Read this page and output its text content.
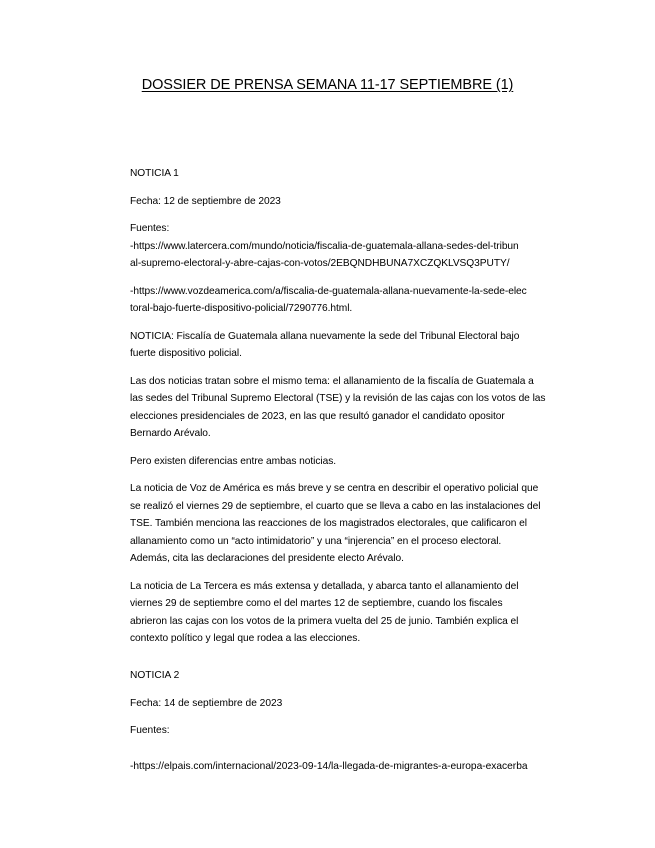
DOSSIER DE PRENSA SEMANA 11-17 SEPTIEMBRE (1)
NOTICIA 1
Fecha: 12 de septiembre de 2023
Fuentes:
-https://www.latercera.com/mundo/noticia/fiscalia-de-guatemala-allana-sedes-del-tribun
al-supremo-electoral-y-abre-cajas-con-votos/2EBQNDHBUNA7XCZQKLVSQ3PUTY/
-https://www.vozdeamerica.com/a/fiscalia-de-guatemala-allana-nuevamente-la-sede-elec
toral-bajo-fuerte-dispositivo-policial/7290776.html.
NOTICIA: Fiscalía de Guatemala allana nuevamente la sede del Tribunal Electoral bajo
fuerte dispositivo policial.
Las dos noticias tratan sobre el mismo tema: el allanamiento de la fiscalía de Guatemala a
las sedes del Tribunal Supremo Electoral (TSE) y la revisión de las cajas con los votos de las
elecciones presidenciales de 2023, en las que resultó ganador el candidato opositor
Bernardo Arévalo.
Pero existen diferencias entre ambas noticias.
La noticia de Voz de América es más breve y se centra en describir el operativo policial que
se realizó el viernes 29 de septiembre, el cuarto que se lleva a cabo en las instalaciones del
TSE. También menciona las reacciones de los magistrados electorales, que calificaron el
allanamiento como un “acto intimidatorio” y una “injerencia” en el proceso electoral.
Además, cita las declaraciones del presidente electo Arévalo.
La noticia de La Tercera es más extensa y detallada, y abarca tanto el allanamiento del
viernes 29 de septiembre como el del martes 12 de septiembre, cuando los fiscales
abrieron las cajas con los votos de la primera vuelta del 25 de junio. También explica el
contexto político y legal que rodea a las elecciones.
NOTICIA 2
Fecha: 14 de septiembre de 2023
Fuentes:
-https://elpais.com/internacional/2023-09-14/la-llegada-de-migrantes-a-europa-exacerba
